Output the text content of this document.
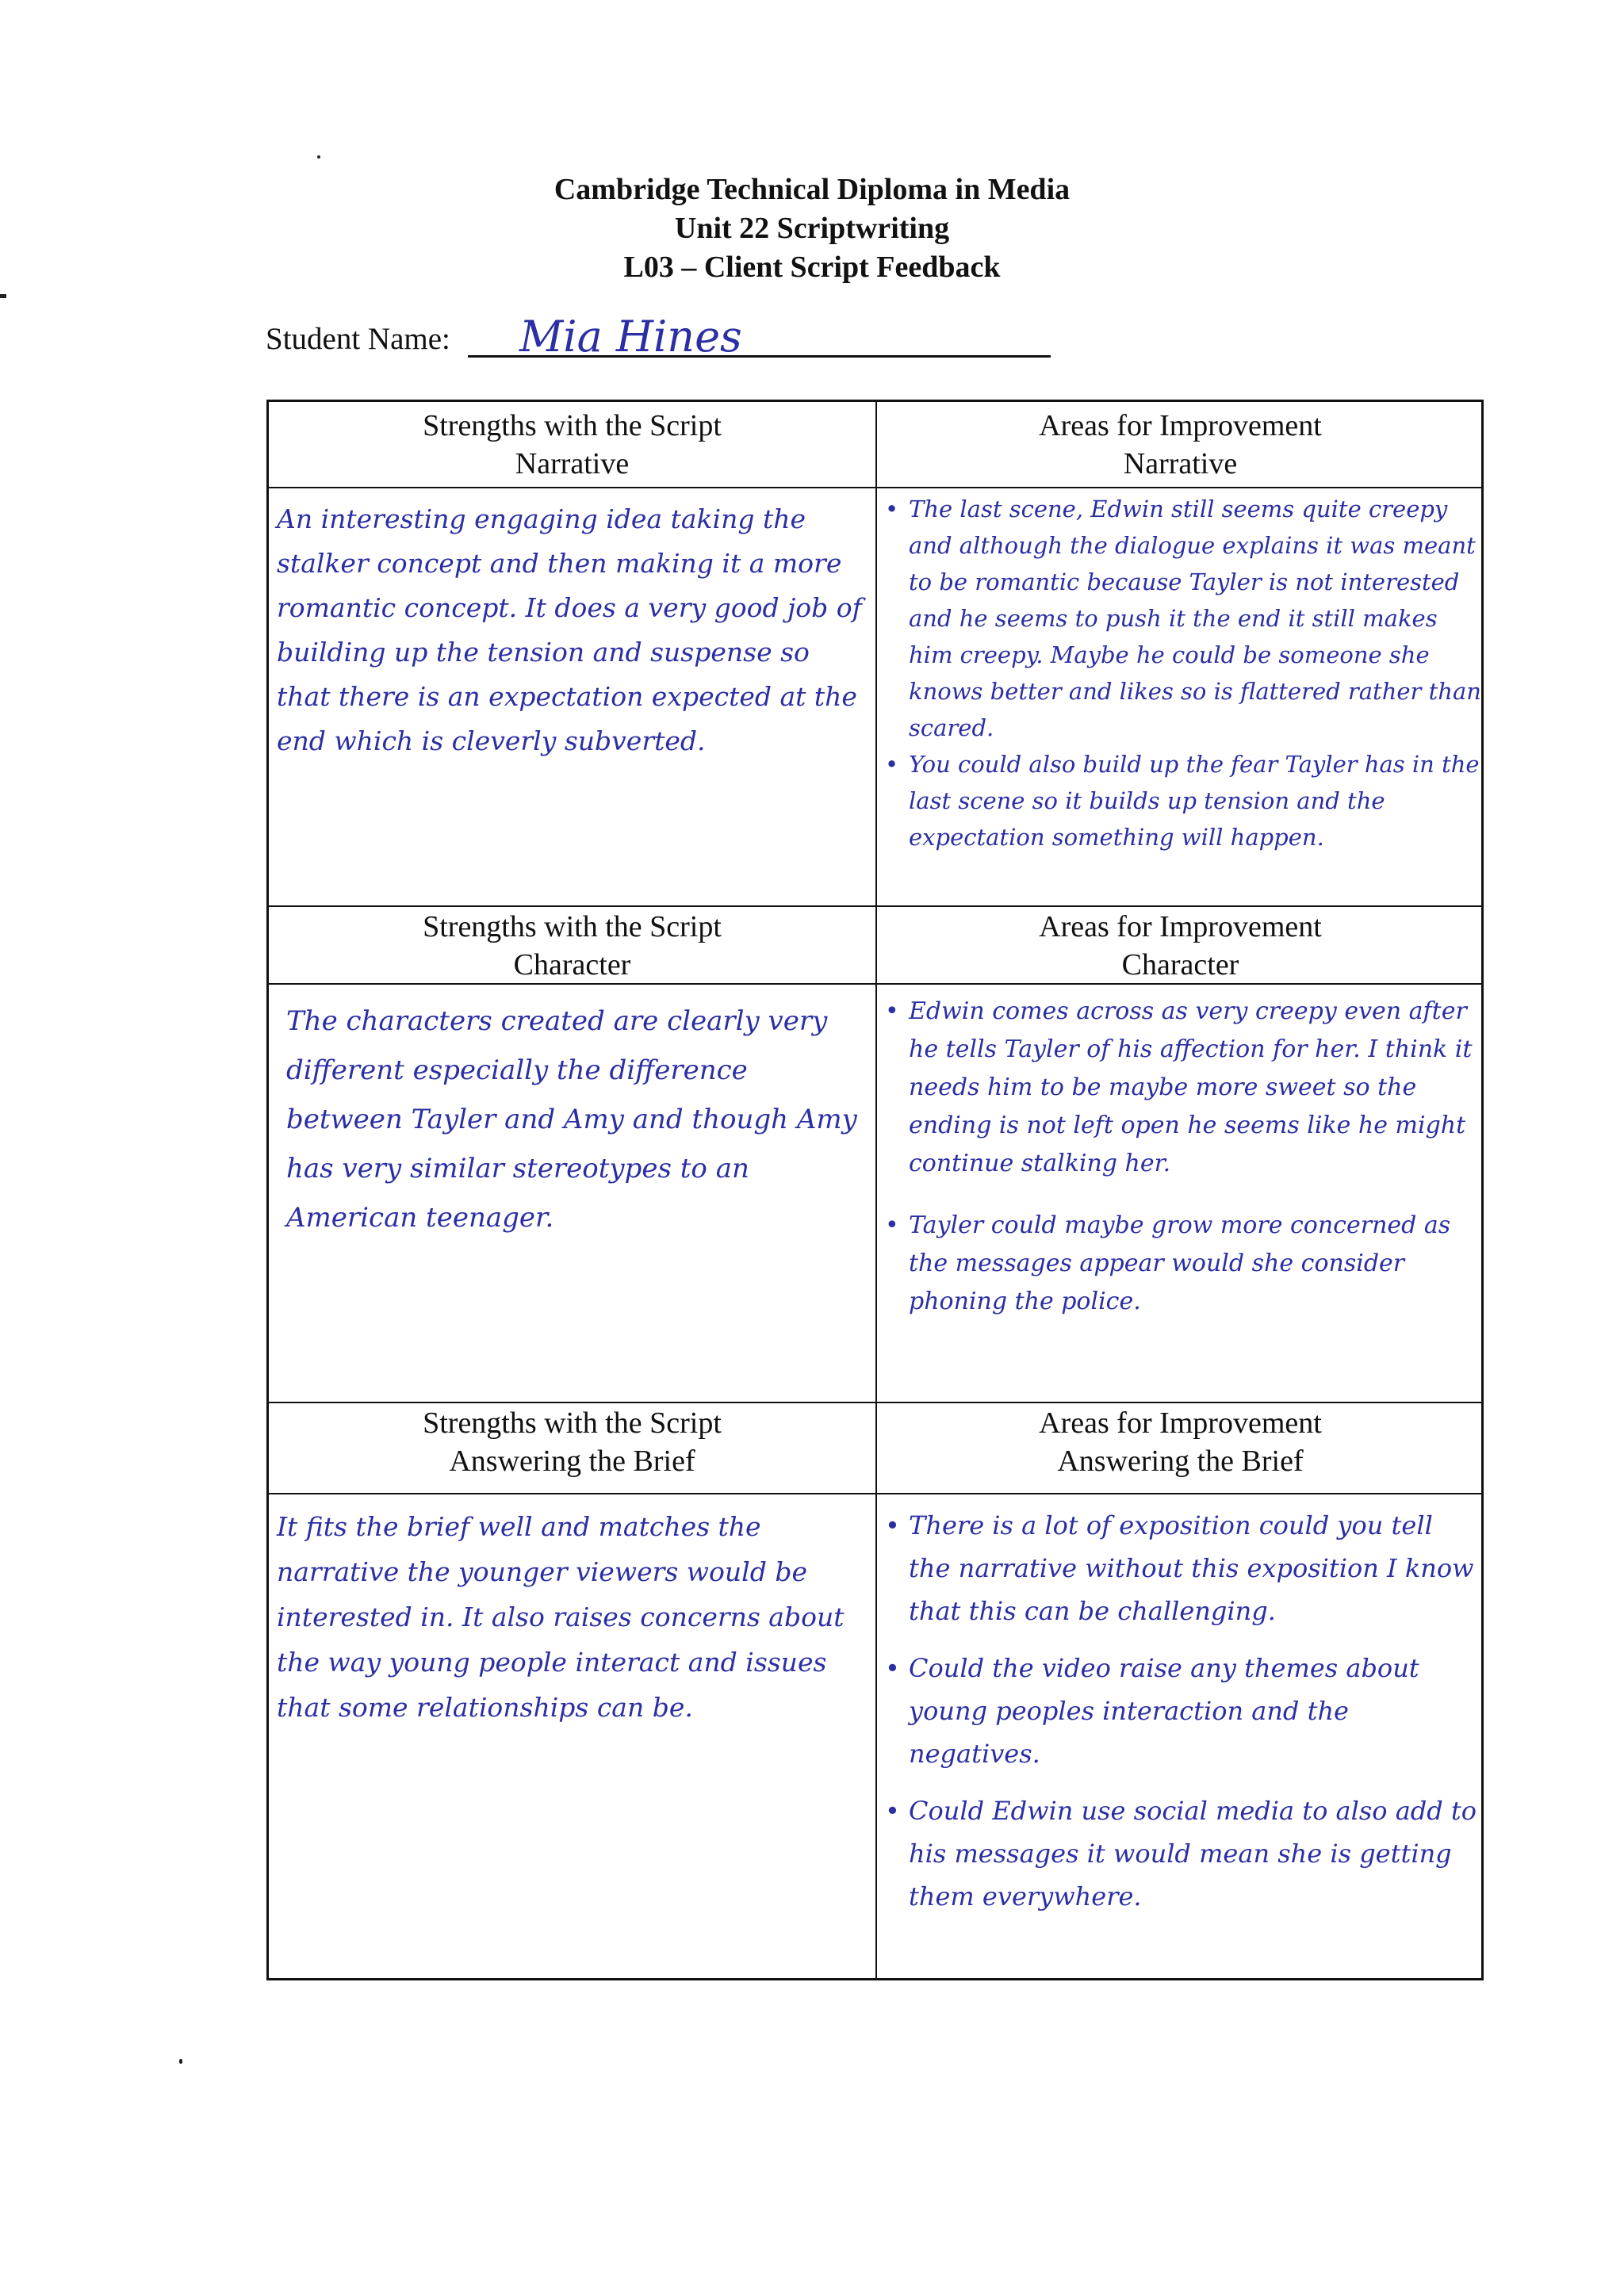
Cambridge Technical Diploma in Media
Unit 22 Scriptwriting
L03 – Client Script Feedback
Student Name: Mia Hines
Strengths with the Script
Narrative
Areas for Improvement
Narrative

An interesting engaging idea taking the stalker concept and then making it a more romantic concept. It does a very good job of building up the tension and suspense so that there is an expectation expected at the end which is cleverly subverted.

• The last scene, Edwin still seems quite creepy and although the dialogue explains it was meant to be romantic because Tayler is not interested and he seems to push it the end it still makes him creepy. Maybe he could be someone she knows better and likes so is flattered rather than scared.
• You could also build up the fear Tayler has in the last scene so it builds up tension and the expectation something will happen.
Strengths with the Script
Character
Areas for Improvement
Character

The characters created are clearly very different especially the difference between Tayler and Amy and though Amy has very similar stereotypes to an American teenager.

• Edwin comes across as very creepy even after he tells Tayler of his affection for her. I think it needs him to be maybe more sweet so the ending is not left open he seems like he might continue stalking her.
• Tayler could maybe grow more concerned as the messages appear would she consider phoning the police.
Strengths with the Script
Answering the Brief
Areas for Improvement
Answering the Brief

It fits the brief well and matches the narrative the younger viewers would be interested in. It also raises concerns about the way young people interact and issues that some relationships can be.

• There is a lot of exposition could you tell the narrative without this exposition I know that this can be challenging.
• Could the video raise any themes about young peoples interaction and the negatives.
• Could Edwin use social media to also add to his messages it would mean she is getting them everywhere.
